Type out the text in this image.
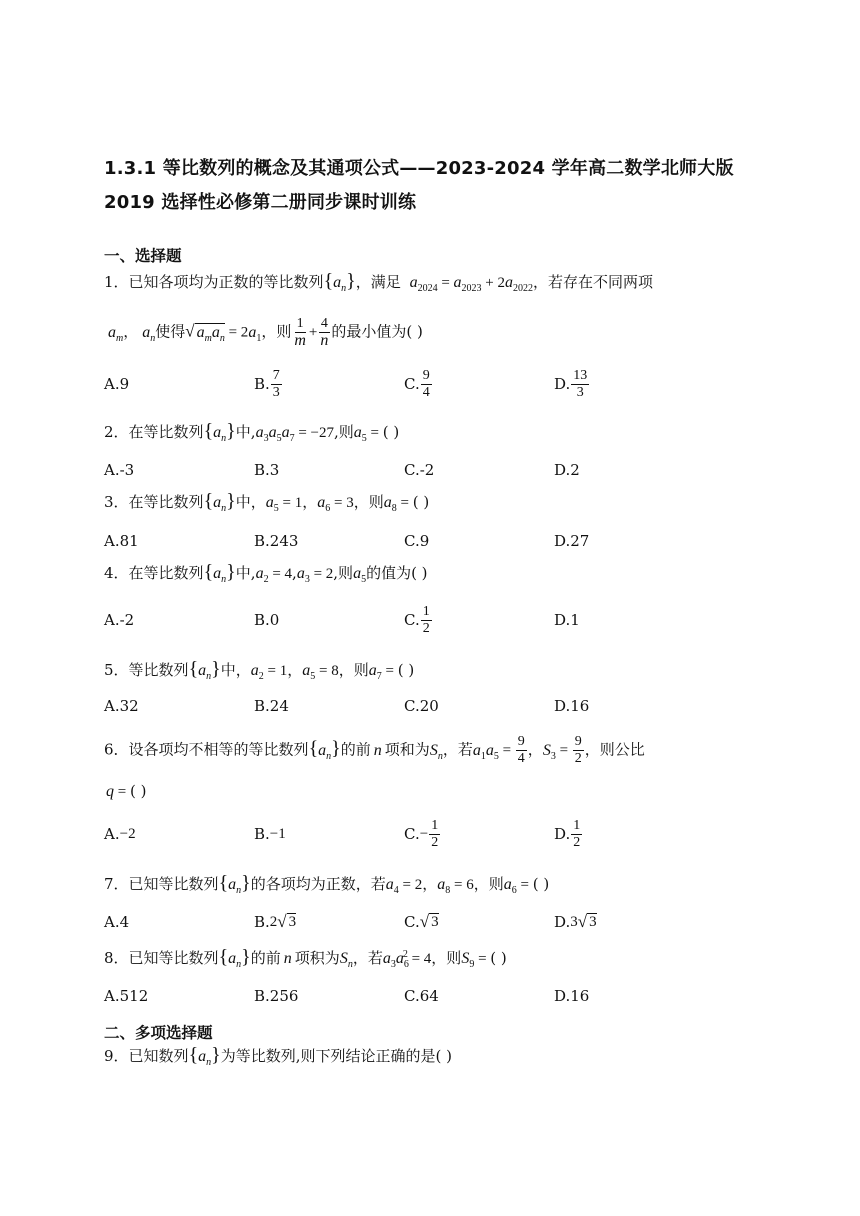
1.3.1 等比数列的概念及其通项公式——2023-2024 学年高二数学北师大版
2019 选择性必修第二册同步课时训练
一、选择题
1．已知各项均为正数的等比数列$\{a_n\}$，满足 $a_{2024} = a_{2023} + 2a_{2022}$，若存在不同两项
$a_m$， $a_n$使得√ $a_ma_n = 2a_1$，则 $\frac{1}{m} + \frac{4}{n}$ 的最小值为( )
A.9	B. $\frac{7}{3}$	C. $\frac{9}{4}$	D. $\frac{13}{3}$
2．在等比数列$\{a_n\}$中$,a_3a_5a_7 = -27$,则$a_5$ = ( )
A.-3	B.3	C.-2	D.2
3．在等比数列$\{a_n\}$中，$a_5 = 1$，$a_6 = 3$，则$a_8$ = ( )
A.81	B.243	C.9	D.27
4．在等比数列$\{a_n\}$中$,a_2 = 4,a_3 = 2$,则$a_5$的值为( )
A.-2	B.0	C. $\frac{1}{2}$	D.1
5．等比数列$\{a_n\}$中，$a_2 = 1$，$a_5 = 8$，则$a_7$ = ( )
A.32	B.24	C.20	D.16
6．设各项均不相等的等比数列$\{a_n\}$的前 n 项和为$S_n$，若$a_1a_5 = \frac{9}{4}$ ，$S_3 = \frac{9}{2}$ ，则公比
q = ( )
A. −2	B. −1	C. − $\frac{1}{2}$	D. $\frac{1}{2}$
7．已知等比数列$\{a_n\}$的各项均为正数，若$a_4 = 2$，$a_8 = 6$，则$a_6$ = ( )
A.4	B. 2 √ 3	C. √ 3	D. 3 √ 3
8．已知等比数列$\{a_n\}$的前 n 项积为$S_n$，若$a_3a_6^2 = 4$，则$S_9$ = ( )
A.512	B.256	C.64	D.16
二、多项选择题
9．已知数列$\{a_n\}$为等比数列,则下列结论正确的是( )
